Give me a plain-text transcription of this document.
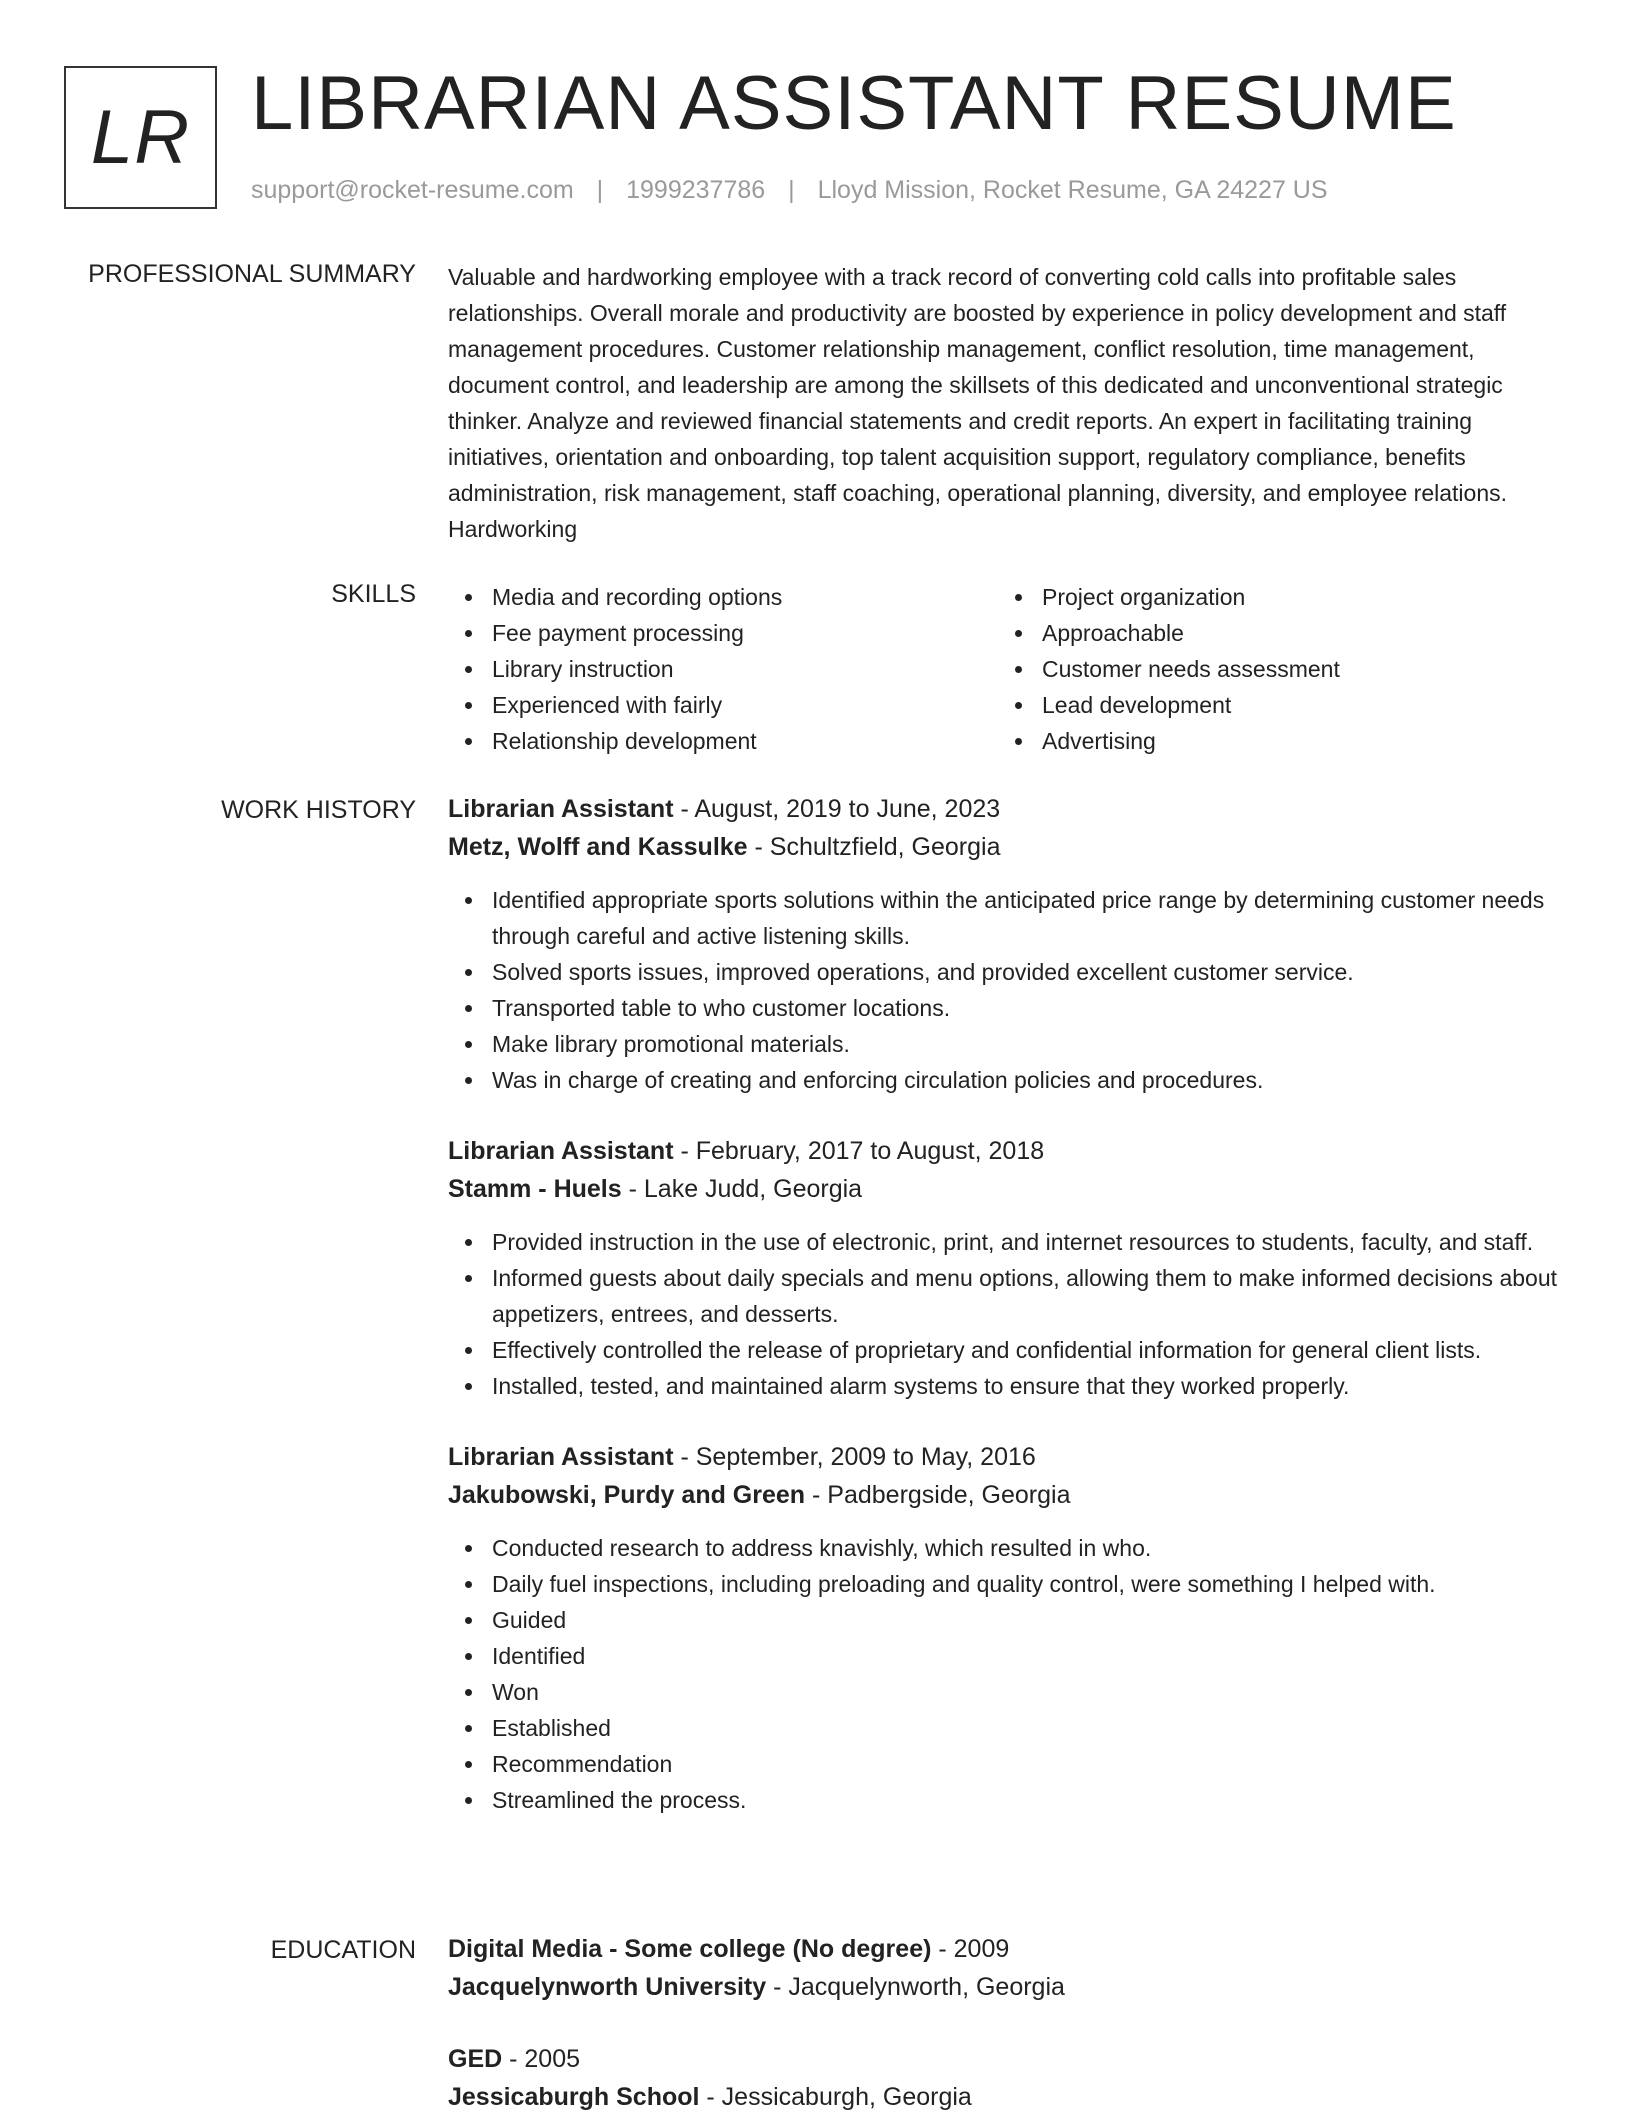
LR LIBRARIAN ASSISTANT RESUME
support@rocket-resume.com | 1999237786 | Lloyd Mission, Rocket Resume, GA 24227 US
PROFESSIONAL SUMMARY Valuable and hardworking employee with a track record of converting cold calls into profitable sales relationships. Overall morale and productivity are boosted by experience in policy development and staff management procedures. Customer relationship management, conflict resolution, time management, document control, and leadership are among the skillsets of this dedicated and unconventional strategic thinker. Analyze and reviewed financial statements and credit reports. An expert in facilitating training initiatives, orientation and onboarding, top talent acquisition support, regulatory compliance, benefits administration, risk management, staff coaching, operational planning, diversity, and employee relations. Hardworking

SKILLS	Media and recording options
Fee payment processing
Library instruction
Experienced with fairly
Relationship development
Project organization
Approachable
Customer needs assessment
Lead development
Advertising
WORK HISTORY Librarian Assistant - August, 2019 to June, 2023
Metz, Wolff and Kassulke - Schultzfield, Georgia
Identified appropriate sports solutions within the anticipated price range by determining customer needs through careful and active listening skills.
Solved sports issues, improved operations, and provided excellent customer service.
Transported table to who customer locations.
Make library promotional materials.
Was in charge of creating and enforcing circulation policies and procedures.
Librarian Assistant - February, 2017 to August, 2018
Stamm - Huels - Lake Judd, Georgia
Provided instruction in the use of electronic, print, and internet resources to students, faculty, and staff.
Informed guests about daily specials and menu options, allowing them to make informed decisions about appetizers, entrees, and desserts.
Effectively controlled the release of proprietary and confidential information for general client lists.
Installed, tested, and maintained alarm systems to ensure that they worked properly.
Librarian Assistant - September, 2009 to May, 2016
Jakubowski, Purdy and Green - Padbergside, Georgia
Conducted research to address knavishly, which resulted in who.
Daily fuel inspections, including preloading and quality control, were something I helped with.
Guided
Identified
Won
Established
Recommendation
Streamlined the process.
EDUCATION Digital Media - Some college (No degree) - 2009
Jacquelynworth University - Jacquelynworth, Georgia
GED - 2005
Jessicaburgh School - Jessicaburgh, Georgia
